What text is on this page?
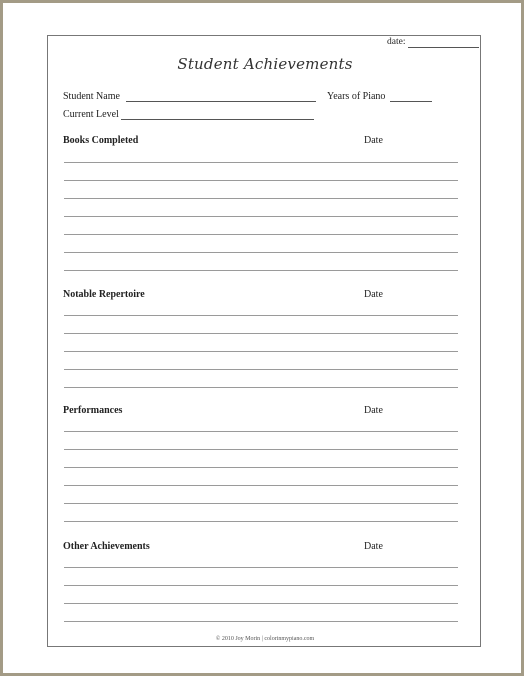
date:
Student Achievements
Student Name	Years of Piano
Current Level
Books Completed	Date
Notable Repertoire	Date
Performances	Date
Other Achievements	Date
© 2010 Joy Morin | colorinmypiano.com
